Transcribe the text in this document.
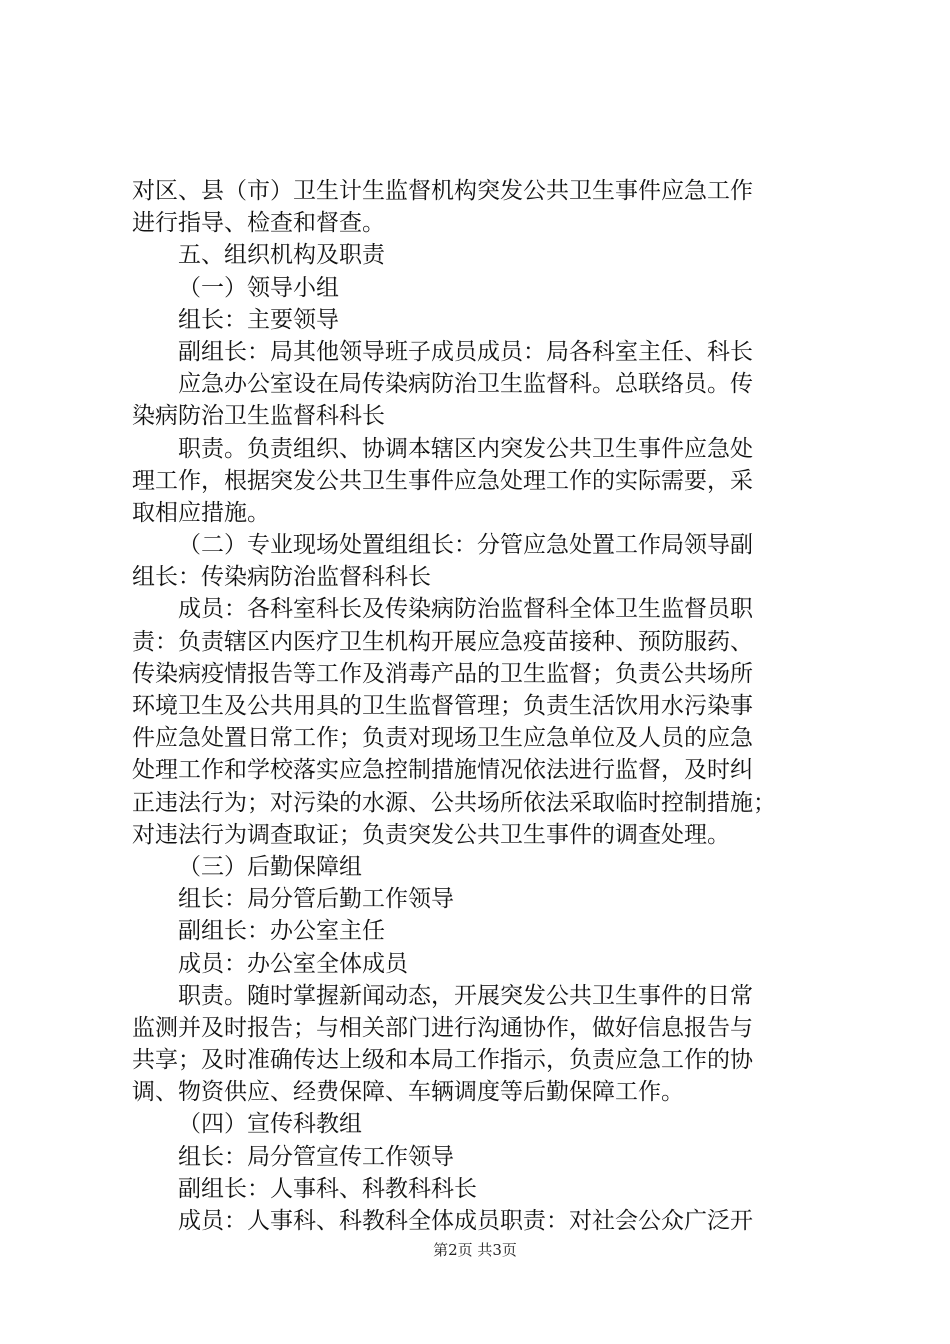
对区、县（市）卫生计生监督机构突发公共卫生事件应急工作
进行指导、检查和督查。
五、组织机构及职责
（一）领导小组
组长：主要领导
副组长：局其他领导班子成员成员：局各科室主任、科长
应急办公室设在局传染病防治卫生监督科。总联络员。传
染病防治卫生监督科科长
职责。负责组织、协调本辖区内突发公共卫生事件应急处
理工作，根据突发公共卫生事件应急处理工作的实际需要，采
取相应措施。
（二）专业现场处置组组长：分管应急处置工作局领导副
组长：传染病防治监督科科长
成员：各科室科长及传染病防治监督科全体卫生监督员职
责：负责辖区内医疗卫生机构开展应急疫苗接种、预防服药、
传染病疫情报告等工作及消毒产品的卫生监督；负责公共场所
环境卫生及公共用具的卫生监督管理；负责生活饮用水污染事
件应急处置日常工作；负责对现场卫生应急单位及人员的应急
处理工作和学校落实应急控制措施情况依法进行监督，及时纠
正违法行为；对污染的水源、公共场所依法采取临时控制措施；
对违法行为调查取证；负责突发公共卫生事件的调查处理。
（三）后勤保障组
组长：局分管后勤工作领导
副组长：办公室主任
成员：办公室全体成员
职责。随时掌握新闻动态，开展突发公共卫生事件的日常
监测并及时报告；与相关部门进行沟通协作，做好信息报告与
共享；及时准确传达上级和本局工作指示，负责应急工作的协
调、物资供应、经费保障、车辆调度等后勤保障工作。
（四）宣传科教组
组长：局分管宣传工作领导
副组长：人事科、科教科科长
成员：人事科、科教科全体成员职责：对社会公众广泛开
第2页 共3页
